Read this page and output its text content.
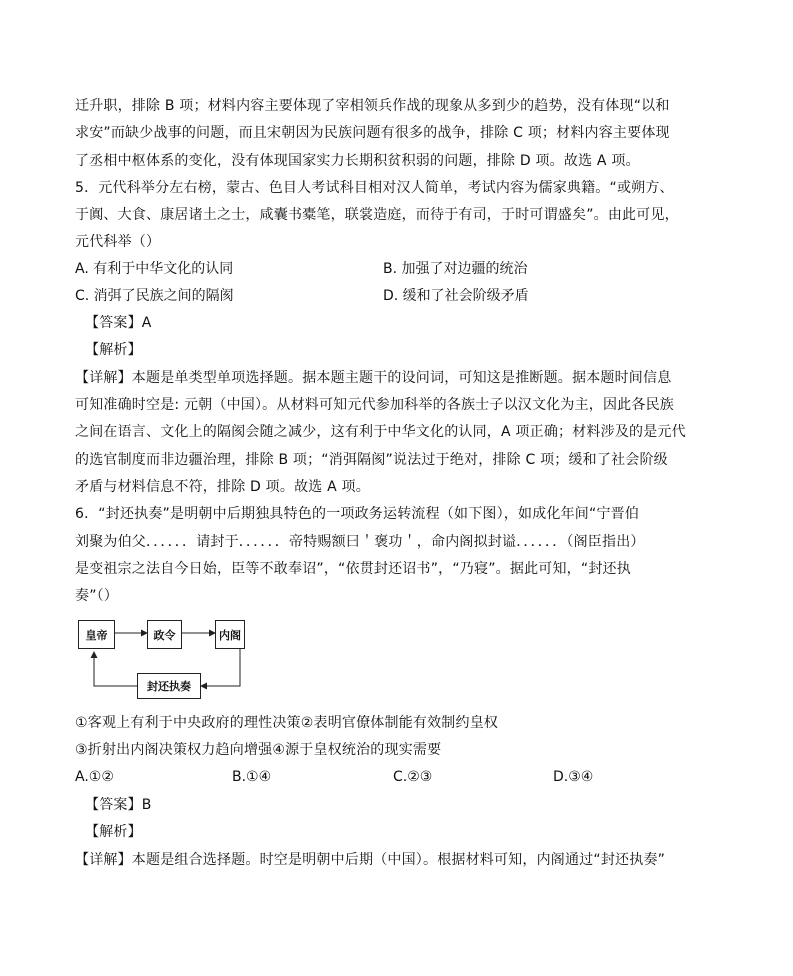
迁升职，排除 B 项；材料内容主要体现了宰相领兵作战的现象从多到少的趋势，没有体现“以和
求安”而缺少战事的问题，而且宋朝因为民族问题有很多的战争，排除 C 项；材料内容主要体现
了丞相中枢体系的变化，没有体现国家实力长期积贫积弱的问题，排除 D 项。故选 A 项。
5．元代科举分左右榜，蒙古、色目人考试科目相对汉人简单，考试内容为儒家典籍。“或朔方、
于阗、大食、康居诸土之士，咸囊书橐笔，联裳造庭，而待于有司，于时可谓盛矣”。由此可见，
元代科举（）
A. 有利于中华文化的认同	B. 加强了对边疆的统治
C. 消弭了民族之间的隔阂	D. 缓和了社会阶级矛盾
【答案】A
【解析】
【详解】本题是单类型单项选择题。据本题主题干的设问词，可知这是推断题。据本题时间信息
可知准确时空是: 元朝（中国）。从材料可知元代参加科举的各族士子以汉文化为主，因此各民族
之间在语言、文化上的隔阂会随之减少，这有利于中华文化的认同，A 项正确；材料涉及的是元代
的选官制度而非边疆治理，排除 B 项；“消弭隔阂”说法过于绝对，排除 C 项；缓和了社会阶级
矛盾与材料信息不符，排除 D 项。故选 A 项。
6．“封还执奏”是明朝中后期独具特色的一项政务运转流程（如下图），如成化年间“宁晋伯
刘聚为伯父．．．．．．请封于．．．．．．帝特赐额曰＇褒功＇，命内阁拟封谥．．．．．．（阁臣指出）
是变祖宗之法自今日始，臣等不敢奉诏”，“依贯封还诏书”，“乃寝”。据此可知，“封还执
奏”（）
皇帝	政令	内阁
封还执奏
①客观上有利于中央政府的理性决策②表明官僚体制能有效制约皇权
③折射出内阁决策权力趋向增强④源于皇权统治的现实需要
A.①②	B.①④	C.②③	D.③④
【答案】B
【解析】
【详解】本题是组合选择题。时空是明朝中后期（中国）。根据材料可知，内阁通过“封还执奏”
